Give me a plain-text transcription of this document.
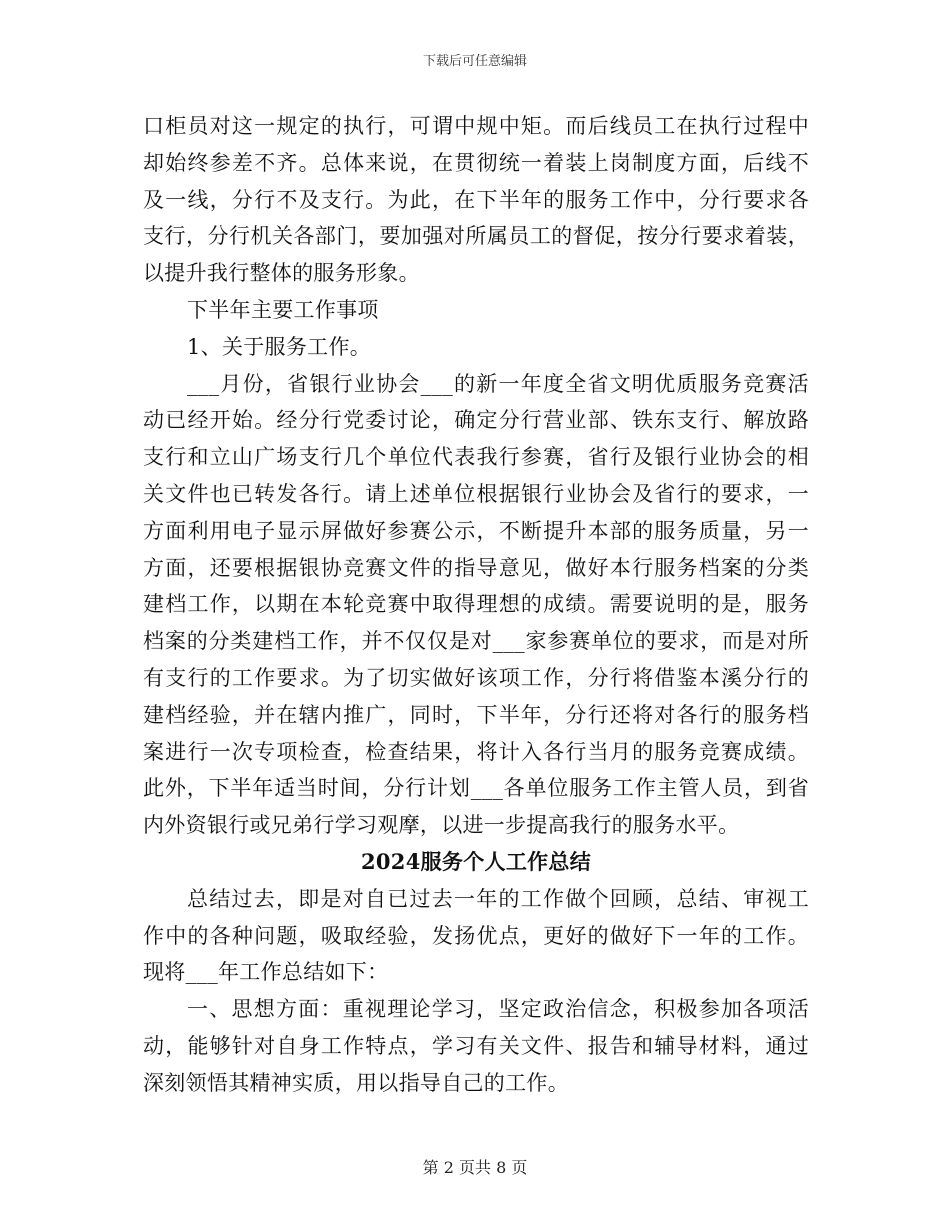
下载后可任意编辑
口柜员对这一规定的执行，可谓中规中矩。而后线员工在执行过程中
却始终参差不齐。总体来说，在贯彻统一着装上岗制度方面，后线不
及一线，分行不及支行。为此，在下半年的服务工作中，分行要求各
支行，分行机关各部门，要加强对所属员工的督促，按分行要求着装，
以提升我行整体的服务形象。
下半年主要工作事项
1、关于服务工作。
___月份，省银行业协会___的新一年度全省文明优质服务竞赛活
动已经开始。经分行党委讨论，确定分行营业部、铁东支行、解放路
支行和立山广场支行几个单位代表我行参赛，省行及银行业协会的相
关文件也已转发各行。请上述单位根据银行业协会及省行的要求，一
方面利用电子显示屏做好参赛公示，不断提升本部的服务质量，另一
方面，还要根据银协竞赛文件的指导意见，做好本行服务档案的分类
建档工作，以期在本轮竞赛中取得理想的成绩。需要说明的是，服务
档案的分类建档工作，并不仅仅是对___家参赛单位的要求，而是对所
有支行的工作要求。为了切实做好该项工作，分行将借鉴本溪分行的
建档经验，并在辖内推广，同时，下半年，分行还将对各行的服务档
案进行一次专项检查，检查结果，将计入各行当月的服务竞赛成绩。
此外，下半年适当时间，分行计划___各单位服务工作主管人员，到省
内外资银行或兄弟行学习观摩，以进一步提高我行的服务水平。
2024服务个人工作总结
总结过去，即是对自已过去一年的工作做个回顾，总结、审视工
作中的各种问题，吸取经验，发扬优点，更好的做好下一年的工作。
现将___年工作总结如下：
一、思想方面：重视理论学习，坚定政治信念，积极参加各项活
动，能够针对自身工作特点，学习有关文件、报告和辅导材料，通过
深刻领悟其精神实质，用以指导自己的工作。
第 2 页共 8 页
